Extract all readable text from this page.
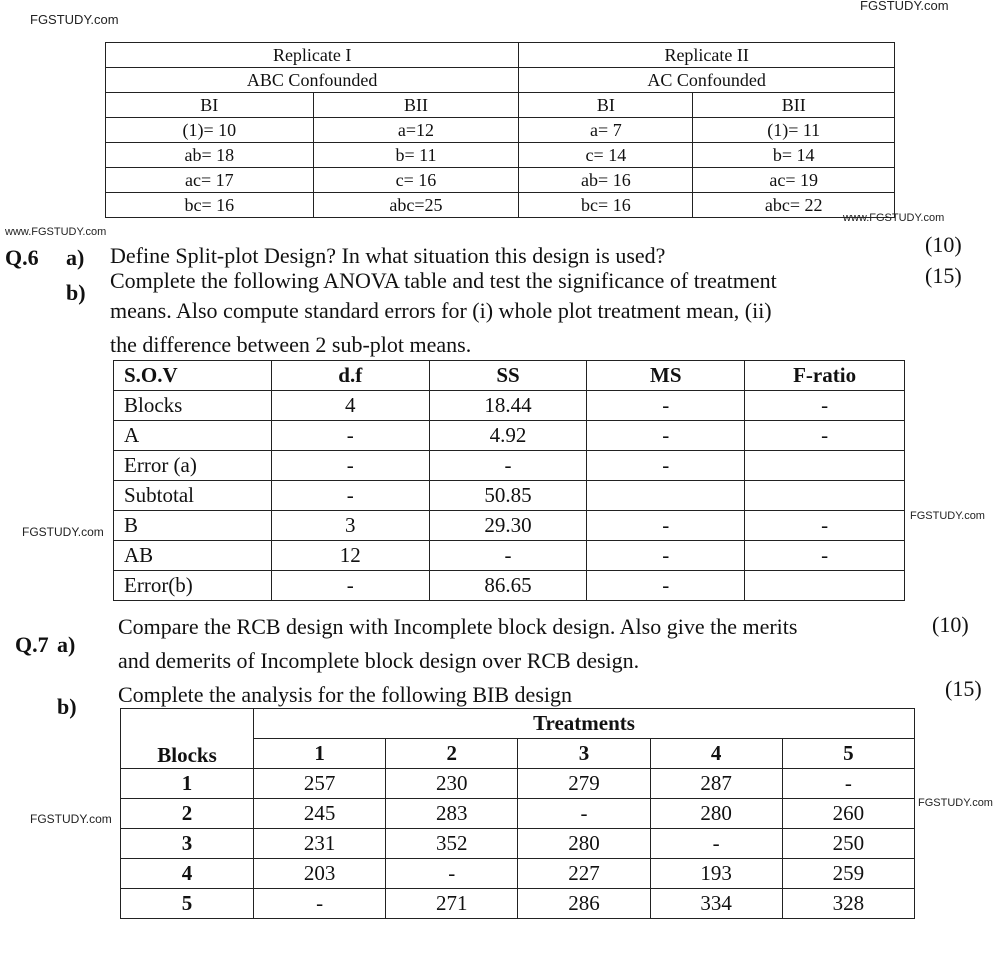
FGSTUDY.com
FGSTUDY.com
Replicate I		Replicate II	
ABC Confounded		AC Confounded	
BI	BII	BI	BII
(1)= 10	a=12	a= 7	(1)= 11
ab= 18	b= 11	c= 14	b= 14
ac= 17	c= 16	ab= 16	ac= 19
bc= 16	abc=25	bc= 16	abc= 22
www.FGSTUDY.com
Q.6 a) Define Split-plot Design? In what situation this design is used?
www.FGSTUDY.com
(10)
b) Complete the following ANOVA table and test the significance of treatment
means. Also compute standard errors for (i) whole plot treatment mean, (ii)
the difference between 2 sub-plot means.
(15)
S.O.V	d.f	SS	MS	F-ratio
Blocks	4	18.44	-	-
A	-	4.92	-	-
Error (a)	-	-	-	
Subtotal	-	50.85		
B	3	29.30	-	-
AB	12	-	-	-
Error(b)	-	86.65	-	
FGSTUDY.com
FGSTUDY.com
Q.7 a)
Compare the RCB design with Incomplete block design. Also give the merits
and demerits of Incomplete block design over RCB design.
(10)
b) Complete the analysis for the following BIB design	(15)
Blocks	Treatments				
	1	2	3	4	5
1	257	230	279	287	-
2	245	283	-	280	260
3	231	352	280	-	250
4	203	-	227	193	259
5	-	271	286	334	328
FGSTUDY.com
FGSTUDY.com
